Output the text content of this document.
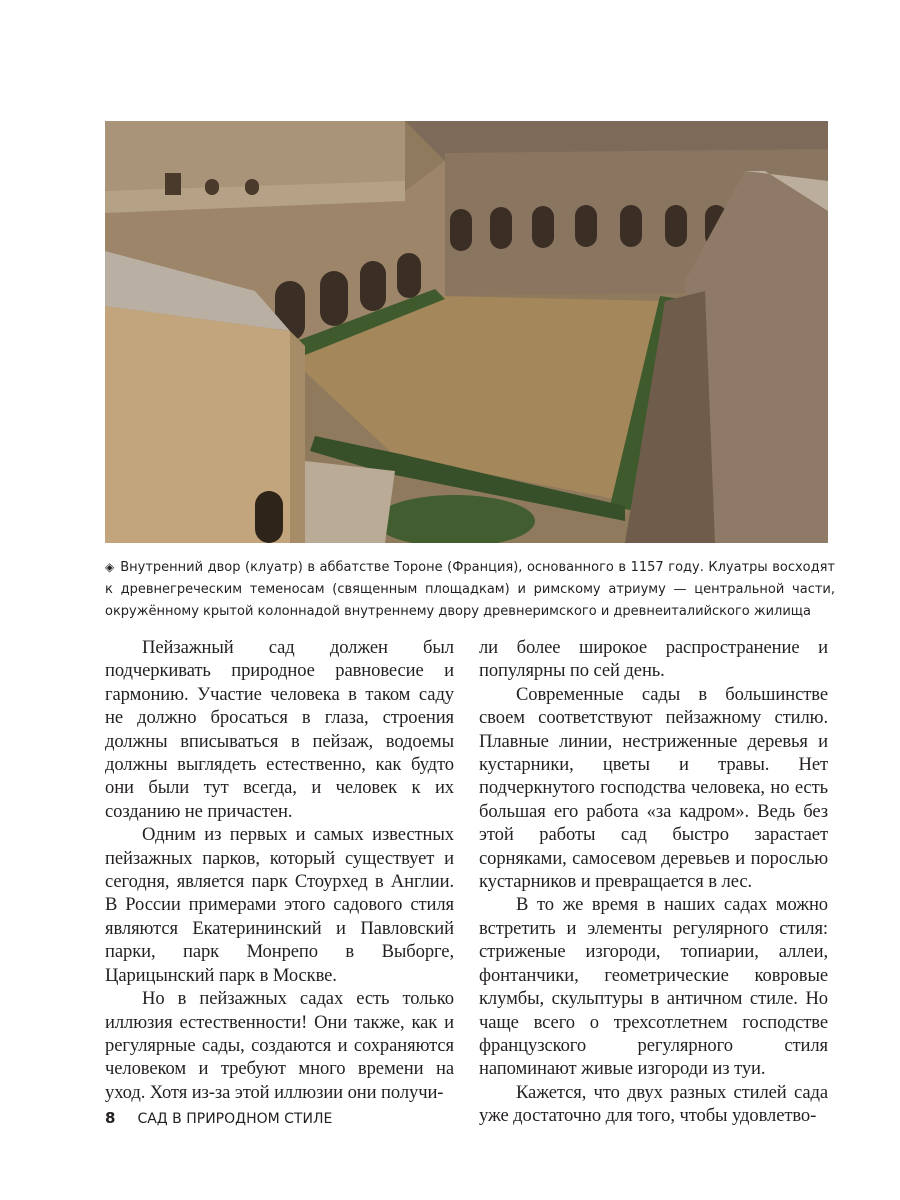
◈ Внутренний двор (клуатр) в аббатстве Тороне (Франция), основанного в 1157 году. Клуатры восходят к древнегреческим теменосам (священным площадкам) и римскому атриуму — центральной части, окружённому крытой колоннадой внутреннему двору древнеримского и древнеиталийского жилища

Пейзажный сад должен был подчеркивать природное равновесие и гармонию. Участие человека в таком саду не должно бросаться в глаза, строения должны вписываться в пейзаж, водоемы должны выглядеть естественно, как будто они были тут всегда, и человек к их созданию не причастен.

Одним из первых и самых известных пейзажных парков, который существует и сегодня, является парк Стоурхед в Англии. В России примерами этого садового стиля являются Екатерининский и Павловский парки, парк Монрепо в Выборге, Царицынский парк в Москве.

Но в пейзажных садах есть только иллюзия естественности! Они также, как и регулярные сады, создаются и сохраняются человеком и требуют много времени на уход. Хотя из-за этой иллюзии они получи-

ли более широкое распространение и популярны по сей день.

Современные сады в большинстве своем соответствуют пейзажному стилю. Плавные линии, нестриженные деревья и кустарники, цветы и травы. Нет подчеркнутого господства человека, но есть большая его работа «за кадром». Ведь без этой работы сад быстро зарастает сорняками, самосевом деревьев и порослью кустарников и превращается в лес.

В то же время в наших садах можно встретить и элементы регулярного стиля: стриженые изгороди, топиарии, аллеи, фонтанчики, геометрические ковровые клумбы, скульптуры в античном стиле. Но чаще всего о трехсотлетнем господстве французского регулярного стиля напоминают живые изгороди из туи.

Кажется, что двух разных стилей сада уже достаточно для того, чтобы удовлетво-

8 САД В ПРИРОДНОМ СТИЛЕ
